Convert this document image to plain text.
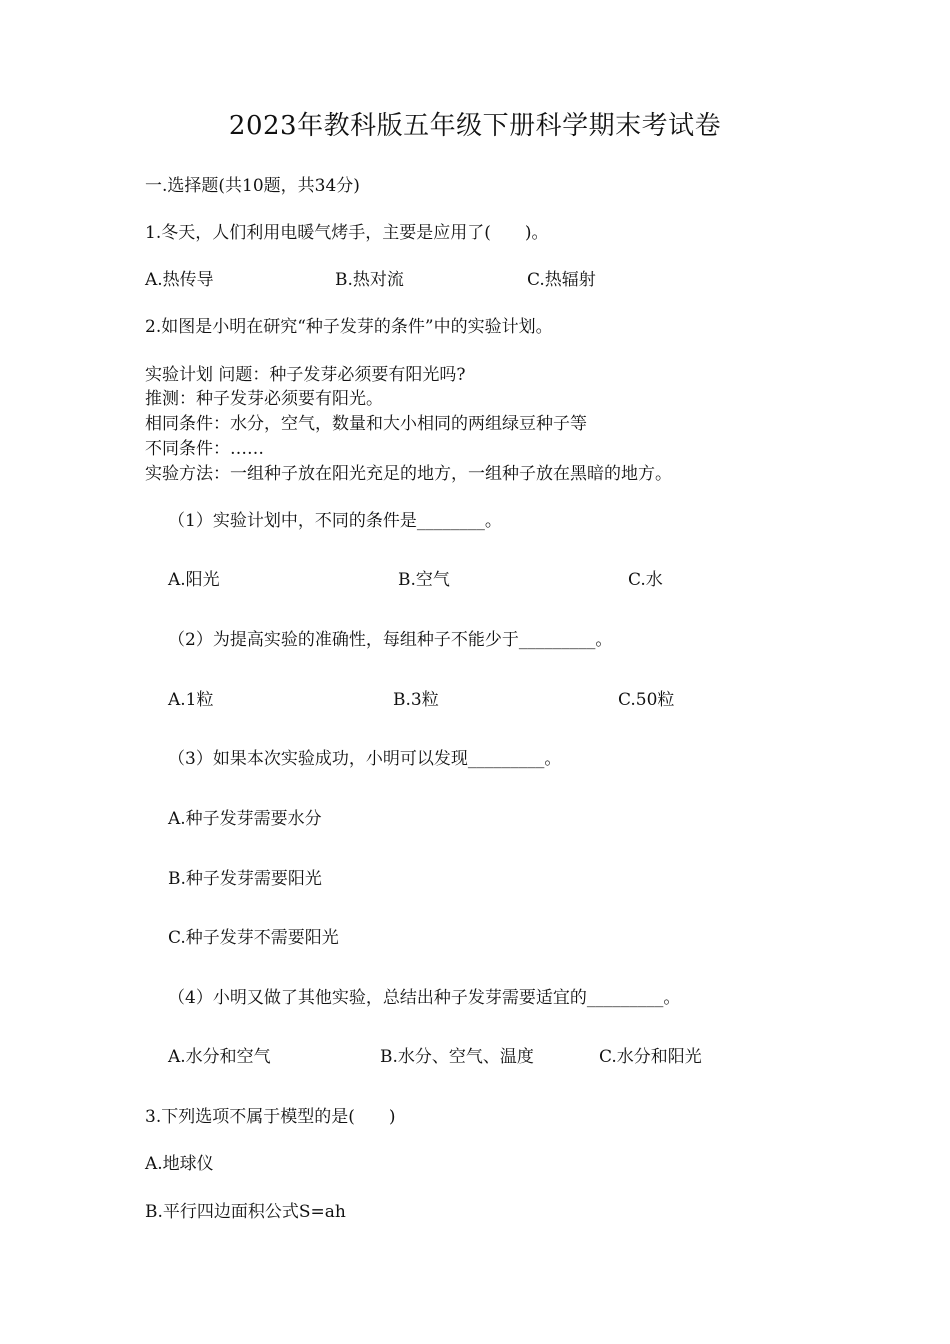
2023年教科版五年级下册科学期末考试卷
一.选择题(共10题，共34分)
1.冬天，人们利用电暖气烤手，主要是应用了(　　)。
A.热传导	B.热对流	C.热辐射
2.如图是小明在研究“种子发芽的条件”中的实验计划。
实验计划 问题：种子发芽必须要有阳光吗?
推测：种子发芽必须要有阳光。
相同条件：水分，空气，数量和大小相同的两组绿豆种子等
不同条件：……
实验方法：一组种子放在阳光充足的地方，一组种子放在黑暗的地方。
（1）实验计划中，不同的条件是________。
A.阳光	B.空气	C.水
（2）为提高实验的准确性，每组种子不能少于_________。
A.1粒	B.3粒	C.50粒
（3）如果本次实验成功，小明可以发现_________。
A.种子发芽需要水分
B.种子发芽需要阳光
C.种子发芽不需要阳光
（4）小明又做了其他实验，总结出种子发芽需要适宜的_________。
A.水分和空气	B.水分、空气、温度	C.水分和阳光
3.下列选项不属于模型的是(　　)
A.地球仪
B.平行四边面积公式S=ah
